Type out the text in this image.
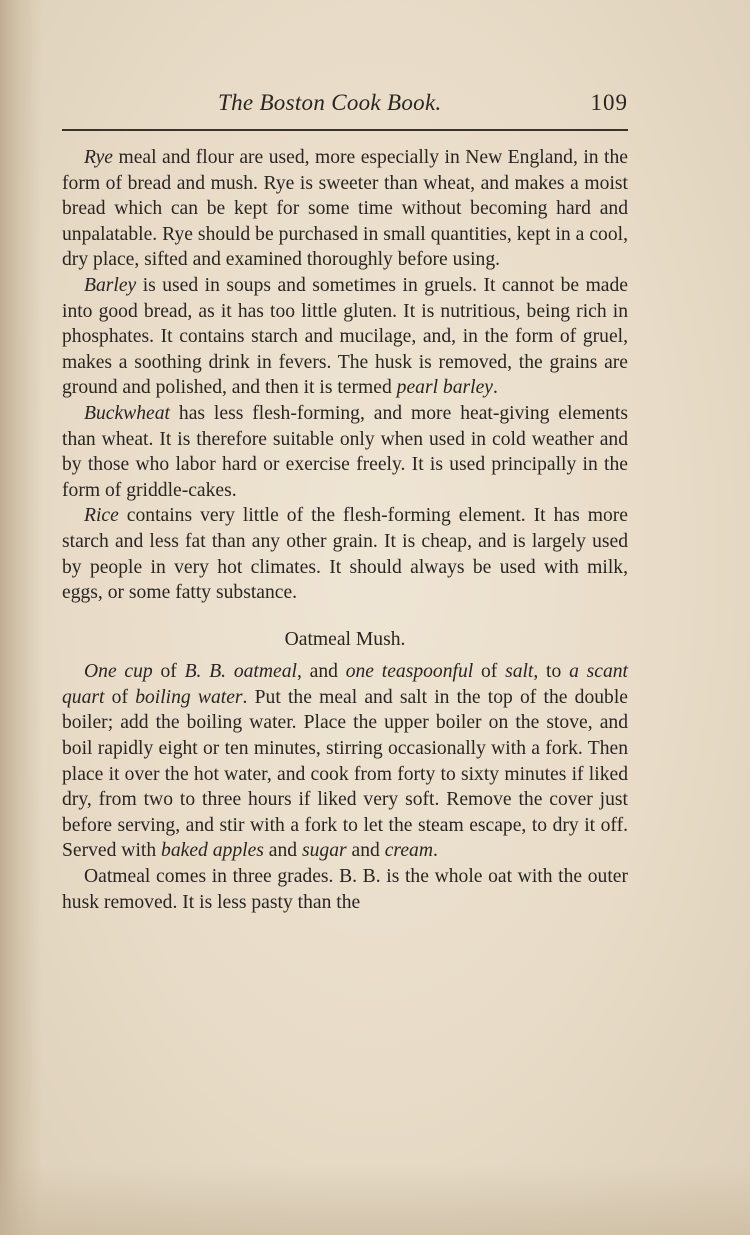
The Boston Cook Book.	109

Rye meal and flour are used, more especially in New England, in the form of bread and mush. Rye is sweeter than wheat, and makes a moist bread which can be kept for some time without becoming hard and unpalatable. Rye should be purchased in small quantities, kept in a cool, dry place, sifted and examined thoroughly before using.

Barley is used in soups and sometimes in gruels. It cannot be made into good bread, as it has too little gluten. It is nutritious, being rich in phosphates. It contains starch and mucilage, and, in the form of gruel, makes a soothing drink in fevers. The husk is removed, the grains are ground and polished, and then it is termed pearl barley.

Buckwheat has less flesh-forming, and more heat-giving elements than wheat. It is therefore suitable only when used in cold weather and by those who labor hard or exercise freely. It is used principally in the form of griddle-cakes.

Rice contains very little of the flesh-forming element. It has more starch and less fat than any other grain. It is cheap, and is largely used by people in very hot climates. It should always be used with milk, eggs, or some fatty substance.

Oatmeal Mush.

One cup of B. B. oatmeal, and one teaspoonful of salt, to a scant quart of boiling water. Put the meal and salt in the top of the double boiler; add the boiling water. Place the upper boiler on the stove, and boil rapidly eight or ten minutes, stirring occasionally with a fork. Then place it over the hot water, and cook from forty to sixty minutes if liked dry, from two to three hours if liked very soft. Remove the cover just before serving, and stir with a fork to let the steam escape, to dry it off. Served with baked apples and sugar and cream.

Oatmeal comes in three grades. B. B. is the whole oat with the outer husk removed. It is less pasty than the
